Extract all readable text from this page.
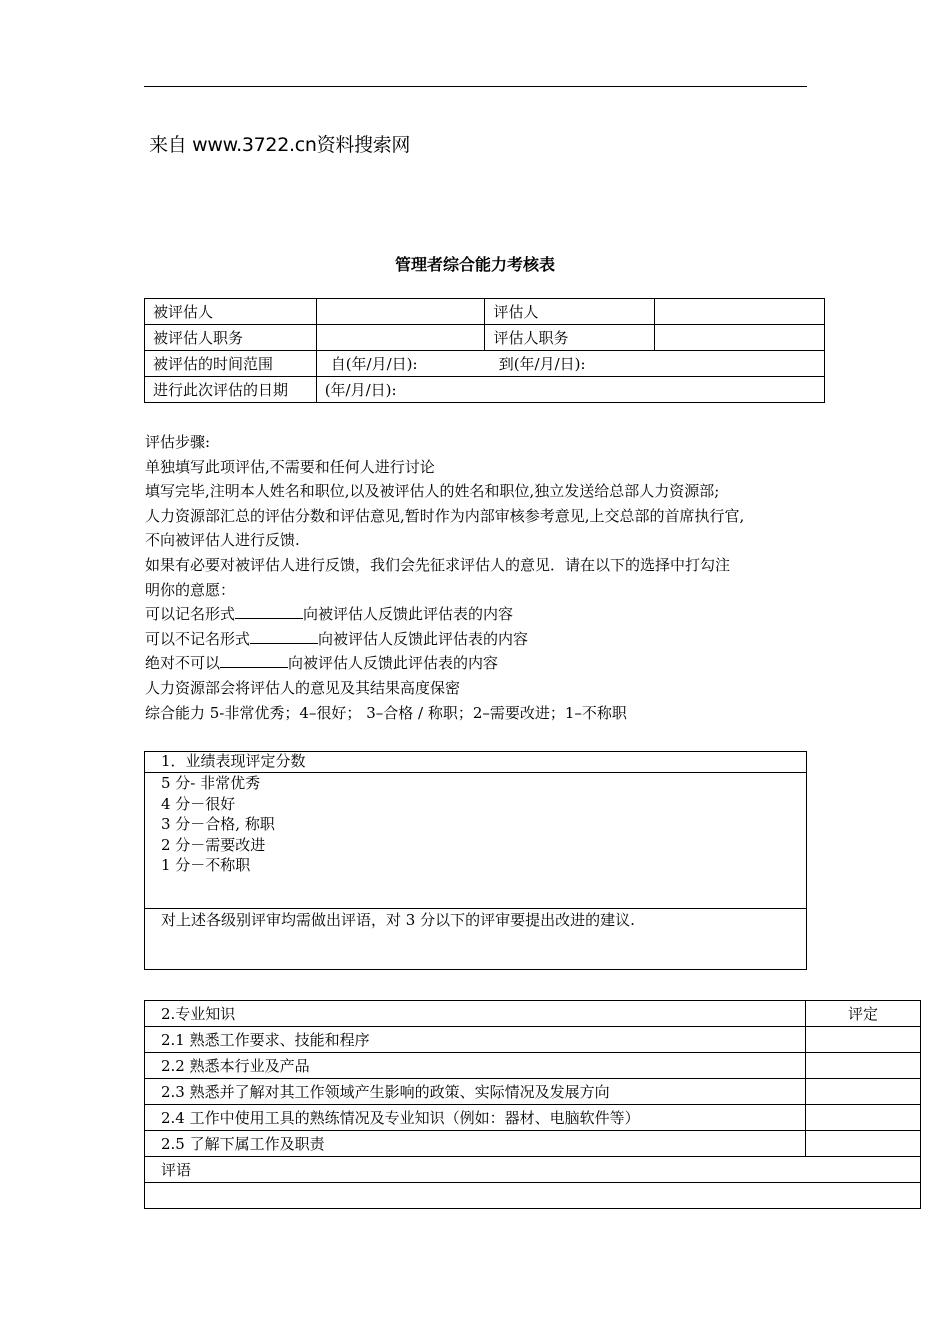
来自 www.3722.cn资料搜索网
管理者综合能力考核表
被评估人		评估人	
被评估人职务		评估人职务	
被评估的时间范围	自(年/月/日): 到(年/月/日):		
进行此次评估的日期	(年/月/日):		
评估步骤:
单独填写此项评估,不需要和任何人进行讨论
填写完毕,注明本人姓名和职位,以及被评估人的姓名和职位,独立发送给总部人力资源部;
人力资源部汇总的评估分数和评估意见,暂时作为内部审核参考意见,上交总部的首席执行官,
不向被评估人进行反馈.
如果有必要对被评估人进行反馈，我们会先征求评估人的意见．请在以下的选择中打勾注
明你的意愿：
可以记名形式	向被评估人反馈此评估表的内容
可以不记名形式	向被评估人反馈此评估表的内容
绝对不可以	向被评估人反馈此评估表的内容
人力资源部会将评估人的意见及其结果高度保密
综合能力 5-非常优秀；4–很好； 3–合格 / 称职；2–需要改进；1–不称职
1．业绩表现评定分数

5 分- 非常优秀
4 分－很好
3 分－合格, 称职
2 分－需要改进
1 分－不称职

对上述各级别评审均需做出评语，对 3 分以下的评审要提出改进的建议.
2.专业知识	评定
2.1 熟悉工作要求、技能和程序	
2.2 熟悉本行业及产品	
2.3 熟悉并了解对其工作领域产生影响的政策、实际情况及发展方向	
2.4 工作中使用工具的熟练情况及专业知识（例如：器材、电脑软件等）	
2.5 了解下属工作及职责	
评语	
